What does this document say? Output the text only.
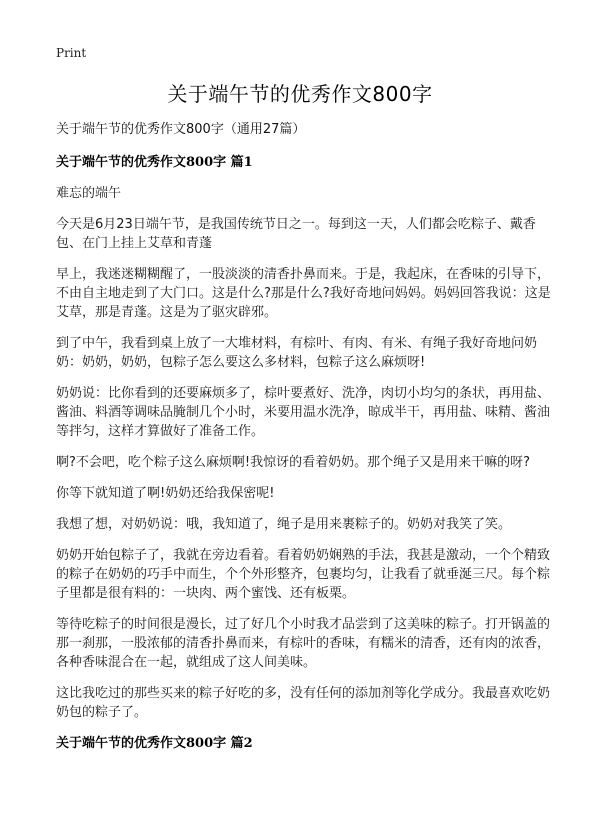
Print
关于端午节的优秀作文800字
关于端午节的优秀作文800字（通用27篇）
关于端午节的优秀作文800字 篇1
难忘的端午
今天是6月23日端午节，是我国传统节日之一。每到这一天，人们都会吃粽子、戴香包、在门上挂上艾草和青蓬
早上，我迷迷糊糊醒了，一股淡淡的清香扑鼻而来。于是，我起床，在香味的引导下，不由自主地走到了大门口。这是什么?那是什么?我好奇地问妈妈。妈妈回答我说：这是艾草，那是青蓬。这是为了驱灾辟邪。
到了中午，我看到桌上放了一大堆材料，有棕叶、有肉、有米、有绳子我好奇地问奶奶：奶奶，奶奶，包粽子怎么要这么多材料，包粽子这么麻烦呀!
奶奶说：比你看到的还要麻烦多了，棕叶要煮好、洗净，肉切小均匀的条状，再用盐、酱油、料酒等调味品腌制几个小时，米要用温水洗净，晾成半干，再用盐、味精、酱油等拌匀，这样才算做好了准备工作。
啊?不会吧，吃个粽子这么麻烦啊!我惊讶的看着奶奶。那个绳子又是用来干嘛的呀?
你等下就知道了啊!奶奶还给我保密呢!
我想了想，对奶奶说：哦，我知道了，绳子是用来裹粽子的。奶奶对我笑了笑。
奶奶开始包粽子了，我就在旁边看着。看着奶奶娴熟的手法，我甚是激动，一个个精致的粽子在奶奶的巧手中而生，个个外形整齐，包裹均匀，让我看了就垂涎三尺。每个粽子里都是很有料的：一块肉、两个蜜饯、还有板栗。
等待吃粽子的时间很是漫长，过了好几个小时我才品尝到了这美味的粽子。打开锅盖的那一刹那，一股浓郁的清香扑鼻而来，有棕叶的香味，有糯米的清香，还有肉的浓香，各种香味混合在一起，就组成了这人间美味。
这比我吃过的那些买来的粽子好吃的多，没有任何的添加剂等化学成分。我最喜欢吃奶奶包的粽子了。
关于端午节的优秀作文800字 篇2
